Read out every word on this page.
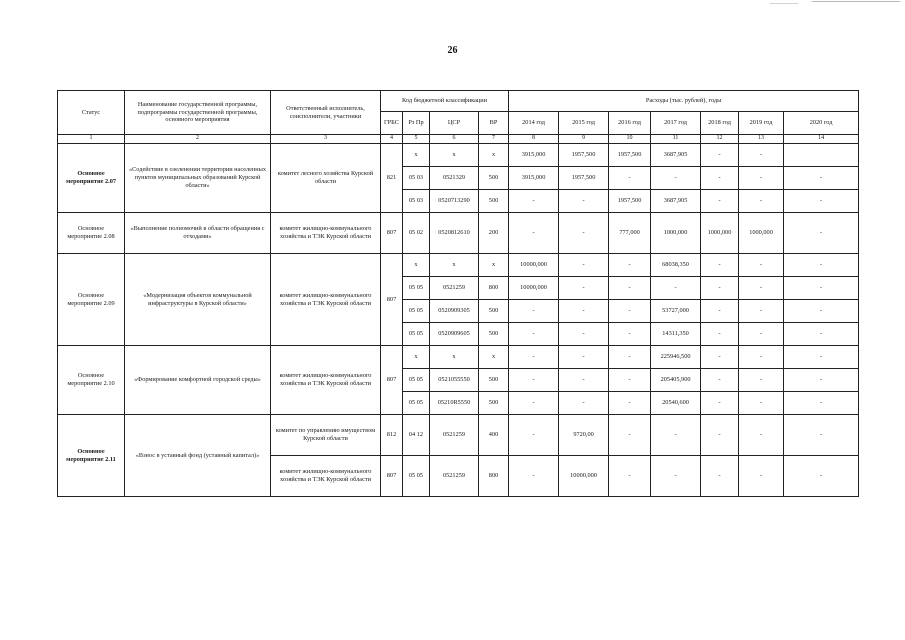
26
Статус	Наименование государственной программы, подпрограммы государственной программы, основного мероприятия	Ответственный исполнитель, соисполнители, участники	Код бюджетной классификации				Расходы (тыс. рублей), годы						
			ГРБС	Рз Пр	ЦСР	ВР	2014 год	2015 год	2016 год	2017 год	2018 год	2019 год	2020 год
1	2	3	4	5	6	7	8	9	10	11	12	13	14
Основное мероприятие 2.07	«Содействие в озеленении территории населенных пунктов муниципальных образований Курской области»	комитет лесного хозяйства Курской области	821	х	х	х	3915,000	1957,500	1957,500	3687,905	-	-	
				05 03	0521329	500	3915,000	1957,500	-	-	-	-	-
				05 03	0520713290	500	-	-	1957,500	3687,905	-	-	-
Основное мероприятие 2.08	«Выполнение полномочий в области обращения с отходами»	комитет жилищно-коммунального хозяйства и ТЭК Курской области	807	05 02	0520812610	200	-	-	777,000	1000,000	1000,000	1000,000	-
Основное мероприятие 2.09	«Модернизация объектов коммунальной инфраструктуры в Курской области»	комитет жилищно-коммунального хозяйства и ТЭК Курской области	807	х	х	х	10000,000	-	-	68038,350	-	-	-
				05 05	0521259	800	10000,000	-	-	-	-	-	-
				05 05	0520909305	500	-	-	-	53727,000	-	-	-
				05 05	0520909605	500	-	-	-	14311,350	-	-	-
Основное мероприятие 2.10	«Формирование комфортной городской среды»	комитет жилищно-коммунального хозяйства и ТЭК Курской области	807	х	х	х	-	-	-	225946,500	-	-	-
				05 05	0521055550	500	-	-	-	205405,900	-	-	-
				05 05	05210R5550	500	-	-	-	20540,600	-	-	-
Основное мероприятие 2.11	«Взнос в уставный фонд (уставный капитал)»	комитет по управлению имуществом Курской области	812	04 12	0521259	400	-	9720,00	-	-	-	-	-
		комитет жилищно-коммунального хозяйства и ТЭК Курской области	807	05 05	0521259	800	-	10000,000	-	-	-	-	-
